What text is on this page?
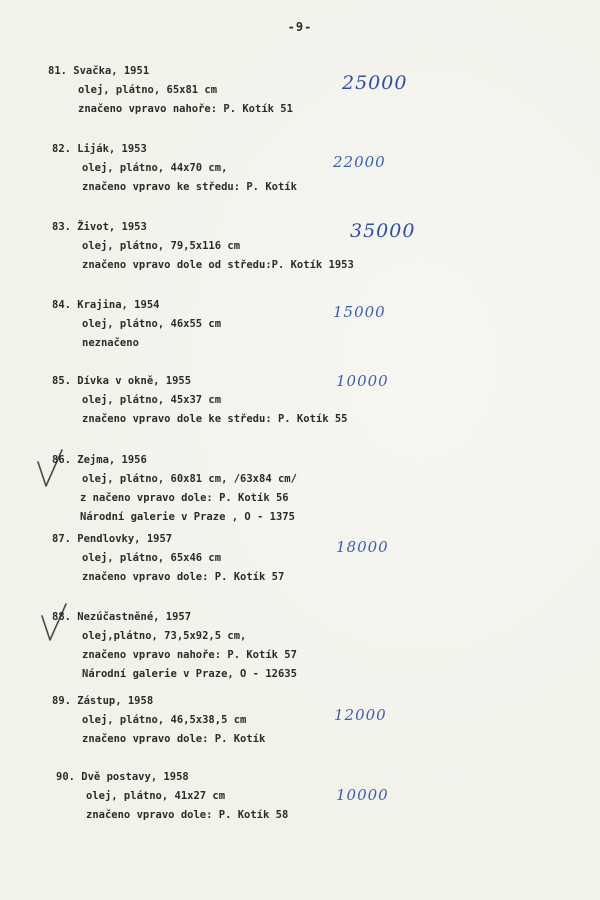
-9-
81. Svačka, 1951
olej, plátno, 65x81 cm
značeno vpravo nahoře: P. Kotík 51
25000
82. Liják, 1953
olej, plátno, 44x70 cm,
značeno vpravo ke středu: P. Kotík
22000
83. Život, 1953
olej, plátno, 79,5x116 cm
značeno vpravo dole od středu:P. Kotík 1953
35000
84. Krajina, 1954
olej, plátno, 46x55 cm
neznačeno
15000
85. Dívka v okně, 1955
olej, plátno, 45x37 cm
značeno vpravo dole ke středu: P. Kotík 55
10000
86. Zejma, 1956
olej, plátno, 60x81 cm, /63x84 cm/
z načeno vpravo dole: P. Kotík 56
Národní galerie v Praze , O - 1375
87. Pendlovky, 1957
olej, plátno, 65x46 cm
značeno vpravo dole: P. Kotík 57
18000
88. Nezúčastněné, 1957
olej,plátno, 73,5x92,5 cm,
značeno vpravo nahoře: P. Kotík 57
Národní galerie v Praze, O - 12635
89. Zástup, 1958
olej, plátno, 46,5x38,5 cm
značeno vpravo dole: P. Kotík
12000
90. Dvě postavy, 1958
olej, plátno, 41x27 cm
značeno vpravo dole: P. Kotík 58
10000
